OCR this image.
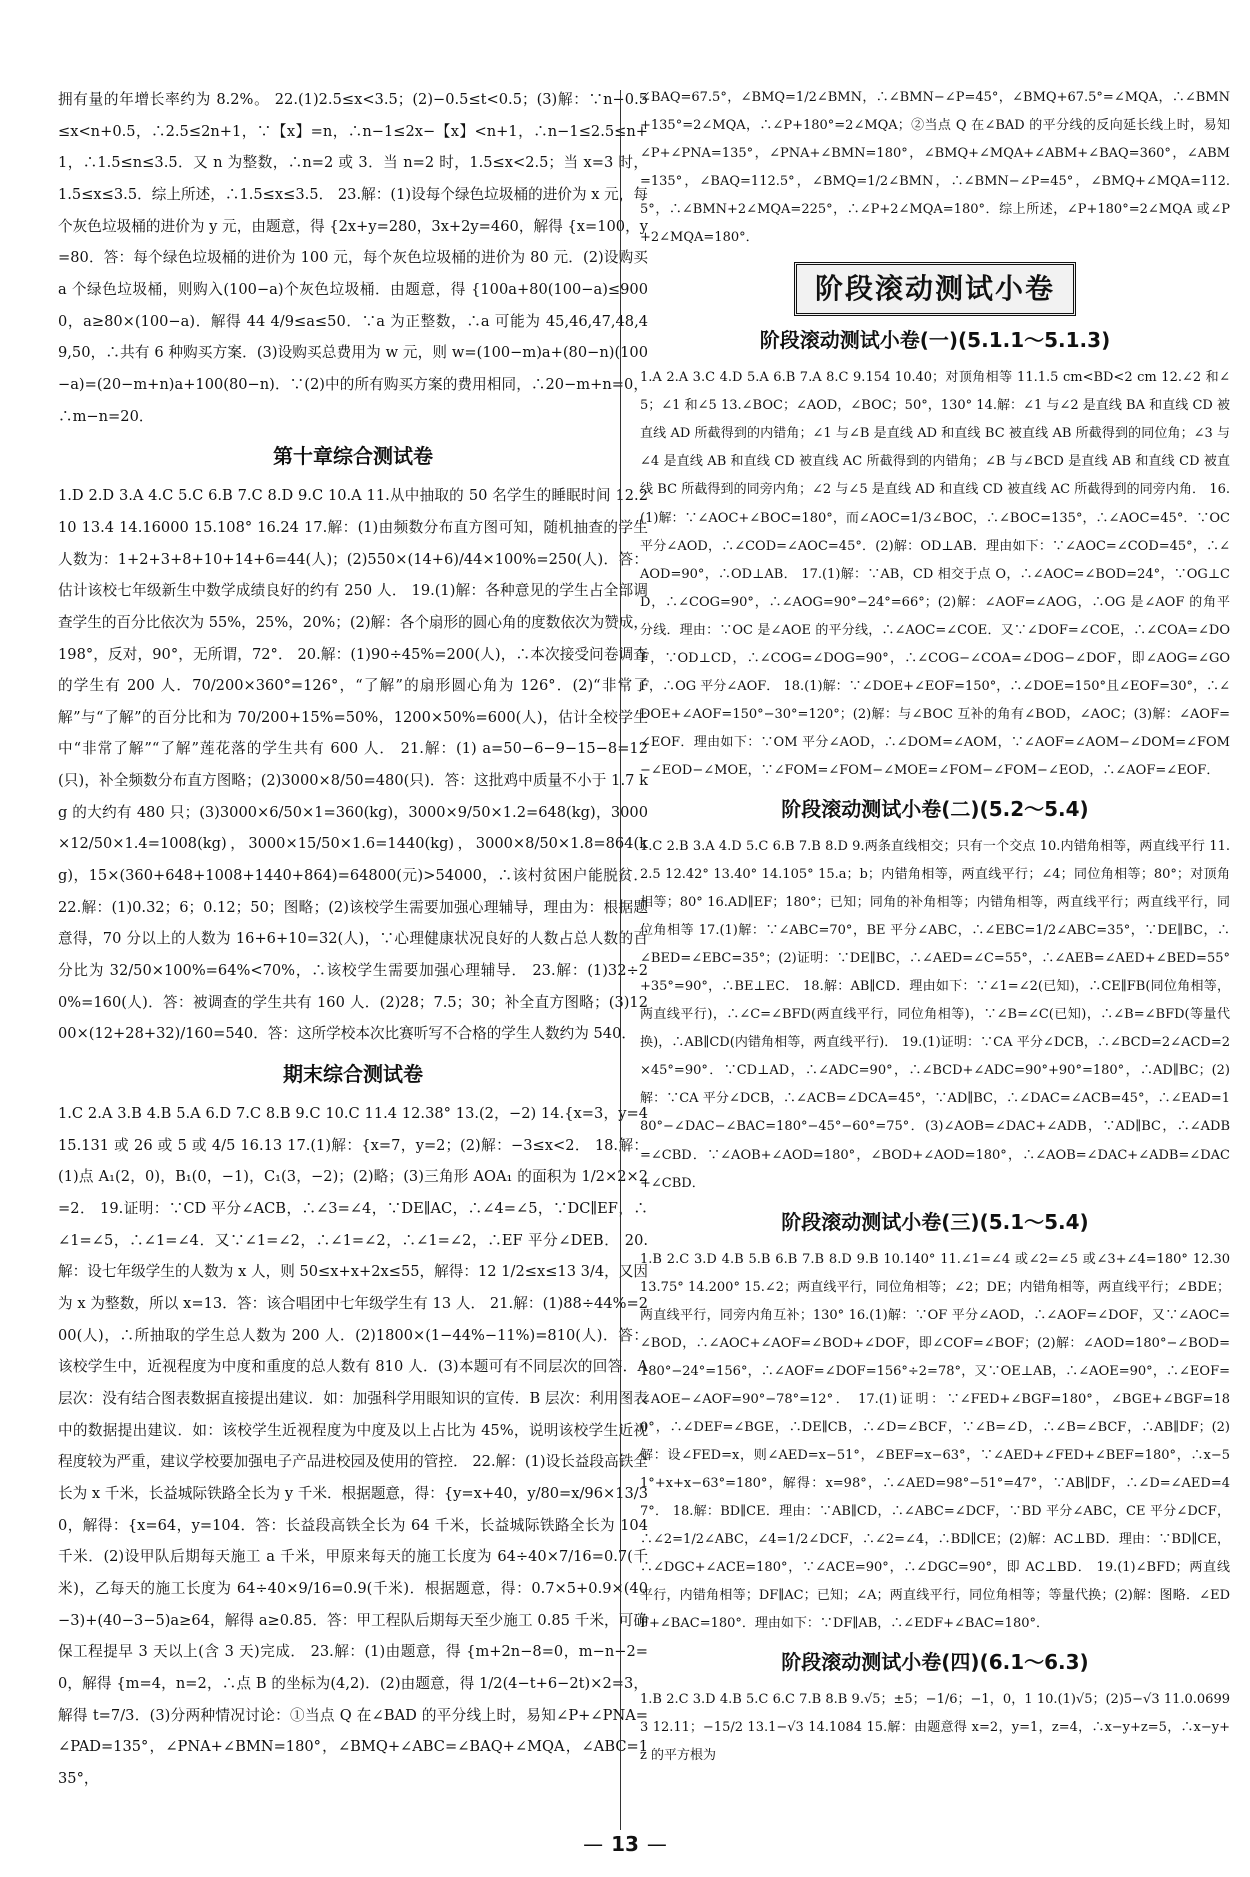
拥有量的年增长率约为 8.2%。 22.(1)2.5≤x<3.5；(2)−0.5≤t<0.5；(3)解：∵n−0.5≤x<n+0.5，∴2.5≤2n+1，∵【x】=n，∴n−1≤2x−【x】<n+1，∴n−1≤2.5≤n+1，∴1.5≤n≤3.5．又 n 为整数，∴n=2 或 3．当 n=2 时，1.5≤x<2.5；当 x=3 时，1.5≤x≤3.5．综上所述，∴1.5≤x≤3.5． 23.解：(1)设每个绿色垃圾桶的进价为 x 元，每个灰色垃圾桶的进价为 y 元，由题意，得 {2x+y=280，3x+2y=460，解得 {x=100，y=80．答：每个绿色垃圾桶的进价为 100 元，每个灰色垃圾桶的进价为 80 元．(2)设购买 a 个绿色垃圾桶，则购入(100−a)个灰色垃圾桶．由题意，得 {100a+80(100−a)≤9000，a≥80×(100−a)．解得 44 4/9≤a≤50．∵a 为正整数，∴a 可能为 45,46,47,48,49,50，∴共有 6 种购买方案．(3)设购买总费用为 w 元，则 w=(100−m)a+(80−n)(100−a)=(20−m+n)a+100(80−n)．∵(2)中的所有购买方案的费用相同，∴20−m+n=0，∴m−n=20．
第十章综合测试卷
1.D 2.D 3.A 4.C 5.C 6.B 7.C 8.D 9.C 10.A 11.从中抽取的 50 名学生的睡眠时间 12.210 13.4 14.16000 15.108° 16.24 17.解：(1)由频数分布直方图可知，随机抽查的学生人数为：1+2+3+8+10+14+6=44(人)；(2)550×(14+6)/44×100%=250(人)．答：估计该校七年级新生中数学成绩良好的约有 250 人． 19.(1)解：各种意见的学生占全部调查学生的百分比依次为 55%，25%，20%；(2)解：各个扇形的圆心角的度数依次为赞成，198°，反对，90°，无所谓，72°． 20.解：(1)90÷45%=200(人)，∴本次接受问卷调查的学生有 200 人．70/200×360°=126°，“了解”的扇形圆心角为 126°．(2)“非常了解”与“了解”的百分比和为 70/200+15%=50%，1200×50%=600(人)，估计全校学生中“非常了解”“了解”莲花落的学生共有 600 人． 21.解：(1) a=50−6−9−15−8=12(只)，补全频数分布直方图略；(2)3000×8/50=480(只)．答：这批鸡中质量不小于 1.7 kg 的大约有 480 只；(3)3000×6/50×1=360(kg)，3000×9/50×1.2=648(kg)，3000×12/50×1.4=1008(kg)，3000×15/50×1.6=1440(kg)，3000×8/50×1.8=864(kg)，15×(360+648+1008+1440+864)=64800(元)>54000，∴该村贫困户能脱贫． 22.解：(1)0.32；6；0.12；50；图略；(2)该校学生需要加强心理辅导，理由为：根据题意得，70 分以上的人数为 16+6+10=32(人)，∵心理健康状况良好的人数占总人数的百分比为 32/50×100%=64%<70%，∴该校学生需要加强心理辅导． 23.解：(1)32÷20%=160(人)．答：被调查的学生共有 160 人．(2)28；7.5；30；补全直方图略；(3)1200×(12+28+32)/160=540．答：这所学校本次比赛听写不合格的学生人数约为 540．
期末综合测试卷
1.C 2.A 3.B 4.B 5.A 6.D 7.C 8.B 9.C 10.C 11.4 12.38° 13.(2，−2) 14.{x=3，y=4 15.131 或 26 或 5 或 4/5 16.13 17.(1)解：{x=7，y=2；(2)解：−3≤x<2． 18.解：(1)点 A₁(2，0)，B₁(0，−1)，C₁(3，−2)；(2)略；(3)三角形 AOA₁ 的面积为 1/2×2×2=2． 19.证明：∵CD 平分∠ACB，∴∠3=∠4，∵DE∥AC，∴∠4=∠5，∵DC∥EF，∴∠1=∠5，∴∠1=∠4．又∵∠1=∠2，∴∠1=∠2，∴∠1=∠2，∴EF 平分∠DEB． 20.解：设七年级学生的人数为 x 人，则 50≤x+x+2x≤55，解得：12 1/2≤x≤13 3/4，又因为 x 为整数，所以 x=13．答：该合唱团中七年级学生有 13 人． 21.解：(1)88÷44%=200(人)，∴所抽取的学生总人数为 200 人．(2)1800×(1−44%−11%)=810(人)．答：该校学生中，近视程度为中度和重度的总人数有 810 人．(3)本题可有不同层次的回答．A 层次：没有结合图表数据直接提出建议．如：加强科学用眼知识的宣传．B 层次：利用图表中的数据提出建议．如：该校学生近视程度为中度及以上占比为 45%，说明该校学生近视程度较为严重，建议学校要加强电子产品进校园及使用的管控． 22.解：(1)设长益段高铁全长为 x 千米，长益城际铁路全长为 y 千米．根据题意，得：{y=x+40，y/80=x/96×13/30，解得：{x=64，y=104．答：长益段高铁全长为 64 千米，长益城际铁路全长为 104 千米．(2)设甲队后期每天施工 a 千米，甲原来每天的施工长度为 64÷40×7/16=0.7(千米)，乙每天的施工长度为 64÷40×9/16=0.9(千米)．根据题意，得：0.7×5+0.9×(40−3)+(40−3−5)a≥64，解得 a≥0.85．答：甲工程队后期每天至少施工 0.85 千米，可确保工程提早 3 天以上(含 3 天)完成． 23.解：(1)由题意，得 {m+2n−8=0，m−n−2=0，解得 {m=4，n=2，∴点 B 的坐标为(4,2)．(2)由题意，得 1/2(4−t+6−2t)×2=3，解得 t=7/3．(3)分两种情况讨论：①当点 Q 在∠BAD 的平分线上时，易知∠P+∠PNA=∠PAD=135°，∠PNA+∠BMN=180°，∠BMQ+∠ABC=∠BAQ+∠MQA，∠ABC=135°，
∠BAQ=67.5°，∠BMQ=1/2∠BMN，∴∠BMN−∠P=45°，∠BMQ+67.5°=∠MQA，∴∠BMN+135°=2∠MQA，∴∠P+180°=2∠MQA；②当点 Q 在∠BAD 的平分线的反向延长线上时，易知∠P+∠PNA=135°，∠PNA+∠BMN=180°，∠BMQ+∠MQA+∠ABM+∠BAQ=360°，∠ABM=135°，∠BAQ=112.5°，∠BMQ=1/2∠BMN，∴∠BMN−∠P=45°，∠BMQ+∠MQA=112.5°，∴∠BMN+2∠MQA=225°，∴∠P+2∠MQA=180°．综上所述，∠P+180°=2∠MQA 或∠P+2∠MQA=180°．
阶段滚动测试小卷
阶段滚动测试小卷(一)(5.1.1～5.1.3)
1.A 2.A 3.C 4.D 5.A 6.B 7.A 8.C 9.154 10.40；对顶角相等 11.1.5 cm<BD<2 cm 12.∠2 和∠5；∠1 和∠5 13.∠BOC；∠AOD，∠BOC；50°，130° 14.解：∠1 与∠2 是直线 BA 和直线 CD 被直线 AD 所截得到的内错角；∠1 与∠B 是直线 AD 和直线 BC 被直线 AB 所截得到的同位角；∠3 与∠4 是直线 AB 和直线 CD 被直线 AC 所截得到的内错角；∠B 与∠BCD 是直线 AB 和直线 CD 被直线 BC 所截得到的同旁内角；∠2 与∠5 是直线 AD 和直线 CD 被直线 AC 所截得到的同旁内角． 16.(1)解：∵∠AOC+∠BOC=180°，而∠AOC=1/3∠BOC，∴∠BOC=135°，∴∠AOC=45°．∵OC 平分∠AOD，∴∠COD=∠AOC=45°．(2)解：OD⊥AB．理由如下：∵∠AOC=∠COD=45°，∴∠AOD=90°，∴OD⊥AB． 17.(1)解：∵AB，CD 相交于点 O，∴∠AOC=∠BOD=24°，∵OG⊥CD，∴∠COG=90°，∴∠AOG=90°−24°=66°；(2)解：∠AOF=∠AOG，∴OG 是∠AOF 的角平分线．理由：∵OC 是∠AOE 的平分线，∴∠AOC=∠COE．又∵∠DOF=∠COE，∴∠COA=∠DOF，∵OD⊥CD，∴∠COG=∠DOG=90°，∴∠COG−∠COA=∠DOG−∠DOF，即∠AOG=∠GOF，∴OG 平分∠AOF． 18.(1)解：∵∠DOE+∠EOF=150°，∴∠DOE=150°且∠EOF=30°，∴∠DOE+∠AOF=150°−30°=120°；(2)解：与∠BOC 互补的角有∠BOD，∠AOC；(3)解：∠AOF=∠EOF．理由如下：∵OM 平分∠AOD，∴∠DOM=∠AOM，∵∠AOF=∠AOM−∠DOM=∠FOM−∠EOD−∠MOE，∵∠FOM=∠FOM−∠MOE=∠FOM−∠FOM−∠EOD，∴∠AOF=∠EOF．
阶段滚动测试小卷(二)(5.2～5.4)
1.C 2.B 3.A 4.D 5.C 6.B 7.B 8.D 9.两条直线相交；只有一个交点 10.内错角相等，两直线平行 11.2.5 12.42° 13.40° 14.105° 15.a；b；内错角相等，两直线平行；∠4；同位角相等；80°；对顶角相等；80° 16.AD∥EF；180°；已知；同角的补角相等；内错角相等，两直线平行；两直线平行，同位角相等 17.(1)解：∵∠ABC=70°，BE 平分∠ABC，∴∠EBC=1/2∠ABC=35°，∵DE∥BC，∴∠BED=∠EBC=35°；(2)证明：∵DE∥BC，∴∠AED=∠C=55°，∴∠AEB=∠AED+∠BED=55°+35°=90°，∴BE⊥EC． 18.解：AB∥CD．理由如下：∵∠1=∠2(已知)，∴CE∥FB(同位角相等，两直线平行)，∴∠C=∠BFD(两直线平行，同位角相等)，∵∠B=∠C(已知)，∴∠B=∠BFD(等量代换)，∴AB∥CD(内错角相等，两直线平行)． 19.(1)证明：∵CA 平分∠DCB，∴∠BCD=2∠ACD=2×45°=90°．∵CD⊥AD，∴∠ADC=90°，∴∠BCD+∠ADC=90°+90°=180°，∴AD∥BC；(2)解：∵CA 平分∠DCB，∴∠ACB=∠DCA=45°，∵AD∥BC，∴∠DAC=∠ACB=45°，∴∠EAD=180°−∠DAC−∠BAC=180°−45°−60°=75°．(3)∠AOB=∠DAC+∠ADB，∵AD∥BC，∴∠ADB=∠CBD．∵∠AOB+∠AOD=180°，∠BOD+∠AOD=180°，∴∠AOB=∠DAC+∠ADB=∠DAC+∠CBD．
阶段滚动测试小卷(三)(5.1～5.4)
1.B 2.C 3.D 4.B 5.B 6.B 7.B 8.D 9.B 10.140° 11.∠1=∠4 或∠2=∠5 或∠3+∠4=180° 12.30 13.75° 14.200° 15.∠2；两直线平行，同位角相等；∠2；DE；内错角相等，两直线平行；∠BDE；两直线平行，同旁内角互补；130° 16.(1)解：∵OF 平分∠AOD，∴∠AOF=∠DOF，又∵∠AOC=∠BOD，∴∠AOC+∠AOF=∠BOD+∠DOF，即∠COF=∠BOF；(2)解：∠AOD=180°−∠BOD=180°−24°=156°，∴∠AOF=∠DOF=156°÷2=78°，又∵OE⊥AB，∴∠AOE=90°，∴∠EOF=∠AOE−∠AOF=90°−78°=12°． 17.(1)证明：∵∠FED+∠BGF=180°，∠BGE+∠BGF=180°，∴∠DEF=∠BGE，∴DE∥CB，∴∠D=∠BCF，∵∠B=∠D，∴∠B=∠BCF，∴AB∥DF；(2)解：设∠FED=x，则∠AED=x−51°，∠BEF=x−63°，∵∠AED+∠FED+∠BEF=180°，∴x−51°+x+x−63°=180°，解得：x=98°，∴∠AED=98°−51°=47°，∵AB∥DF，∴∠D=∠AED=47°． 18.解：BD∥CE．理由：∵AB∥CD，∴∠ABC=∠DCF，∵BD 平分∠ABC，CE 平分∠DCF，∴∠2=1/2∠ABC，∠4=1/2∠DCF，∴∠2=∠4，∴BD∥CE；(2)解：AC⊥BD．理由：∵BD∥CE，∴∠DGC+∠ACE=180°，∵∠ACE=90°，∴∠DGC=90°，即 AC⊥BD． 19.(1)∠BFD；两直线平行，内错角相等；DF∥AC；已知；∠A；两直线平行，同位角相等；等量代换；(2)解：图略．∠EDF+∠BAC=180°．理由如下：∵DF∥AB，∴∠EDF+∠BAC=180°．
阶段滚动测试小卷(四)(6.1～6.3)
1.B 2.C 3.D 4.B 5.C 6.C 7.B 8.B 9.√5；±5；−1/6；−1，0，1 10.(1)√5；(2)5−√3 11.0.06993 12.11；−15/2 13.1−√3 14.1084 15.解：由题意得 x=2，y=1，z=4，∴x−y+z=5，∴x−y+z 的平方根为
— 13 —
